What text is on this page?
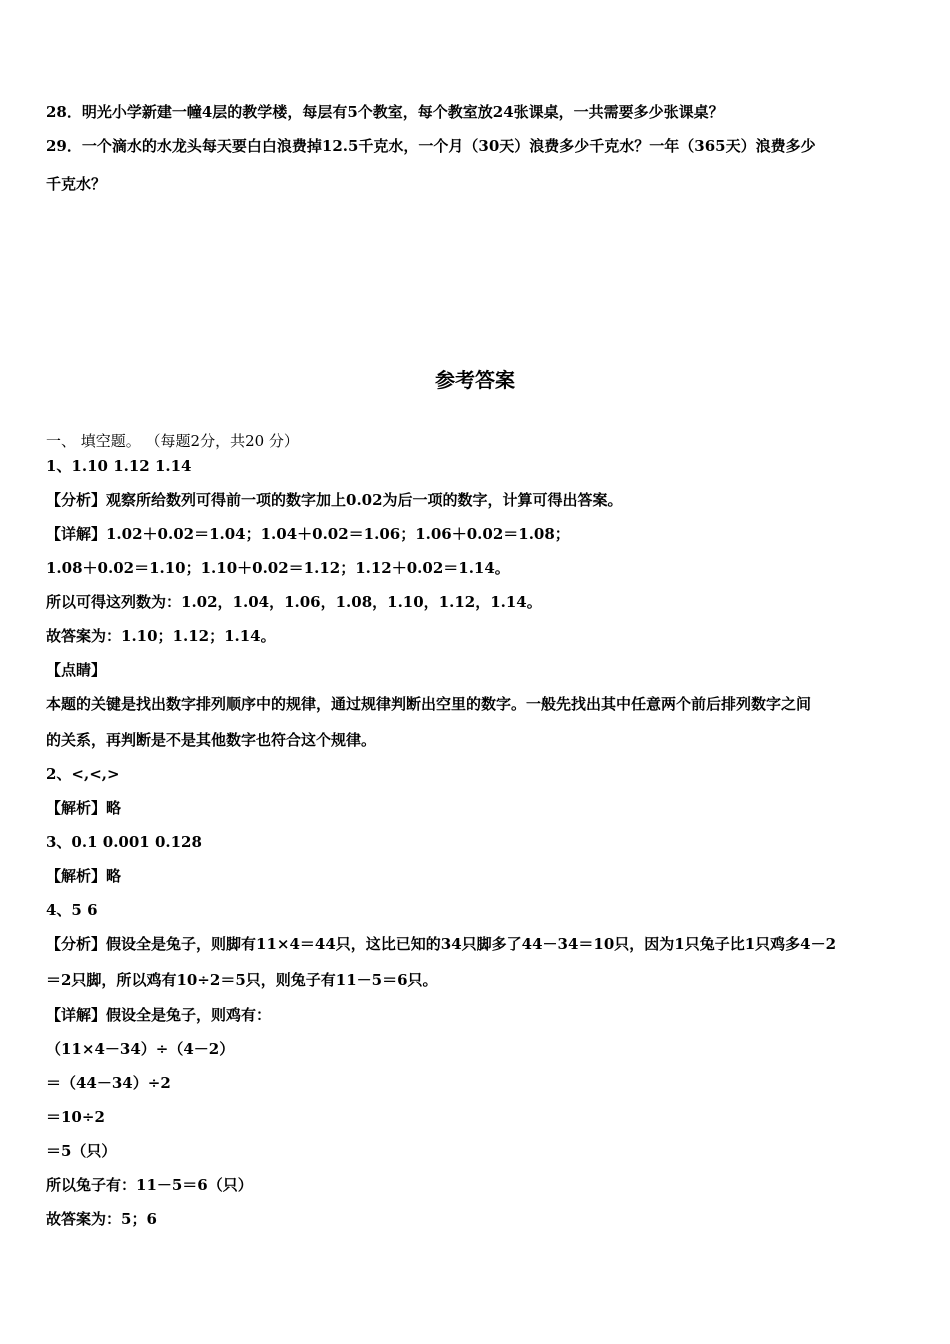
28．明光小学新建一幢4层的教学楼，每层有5个教室，每个教室放24张课桌，一共需要多少张课桌？
29．一个滴水的水龙头每天要白白浪费掉12.5千克水，一个月（30天）浪费多少千克水？一年（365天）浪费多少
千克水？
参考答案
一、 填空题。 （每题2分，共20 分）
1、1.10 1.12 1.14
【分析】观察所给数列可得前一项的数字加上0.02为后一项的数字，计算可得出答案。
【详解】1.02＋0.02＝1.04；1.04＋0.02＝1.06；1.06＋0.02＝1.08；
1.08＋0.02＝1.10；1.10＋0.02＝1.12；1.12＋0.02＝1.14。
所以可得这列数为：1.02，1.04，1.06，1.08，1.10，1.12，1.14。
故答案为：1.10；1.12；1.14。
【点睛】
本题的关键是找出数字排列顺序中的规律，通过规律判断出空里的数字。一般先找出其中任意两个前后排列数字之间
的关系，再判断是不是其他数字也符合这个规律。
2、<,<,>
【解析】略
3、0.1 0.001 0.128
【解析】略
4、5 6
【分析】假设全是兔子，则脚有11×4＝44只，这比已知的34只脚多了44－34＝10只，因为1只兔子比1只鸡多4－2
＝2只脚，所以鸡有10÷2＝5只，则兔子有11－5＝6只。
【详解】假设全是兔子，则鸡有：
（11×4－34）÷（4－2）
＝（44－34）÷2
＝10÷2
＝5（只）
所以兔子有：11－5＝6（只）
故答案为：5；6
